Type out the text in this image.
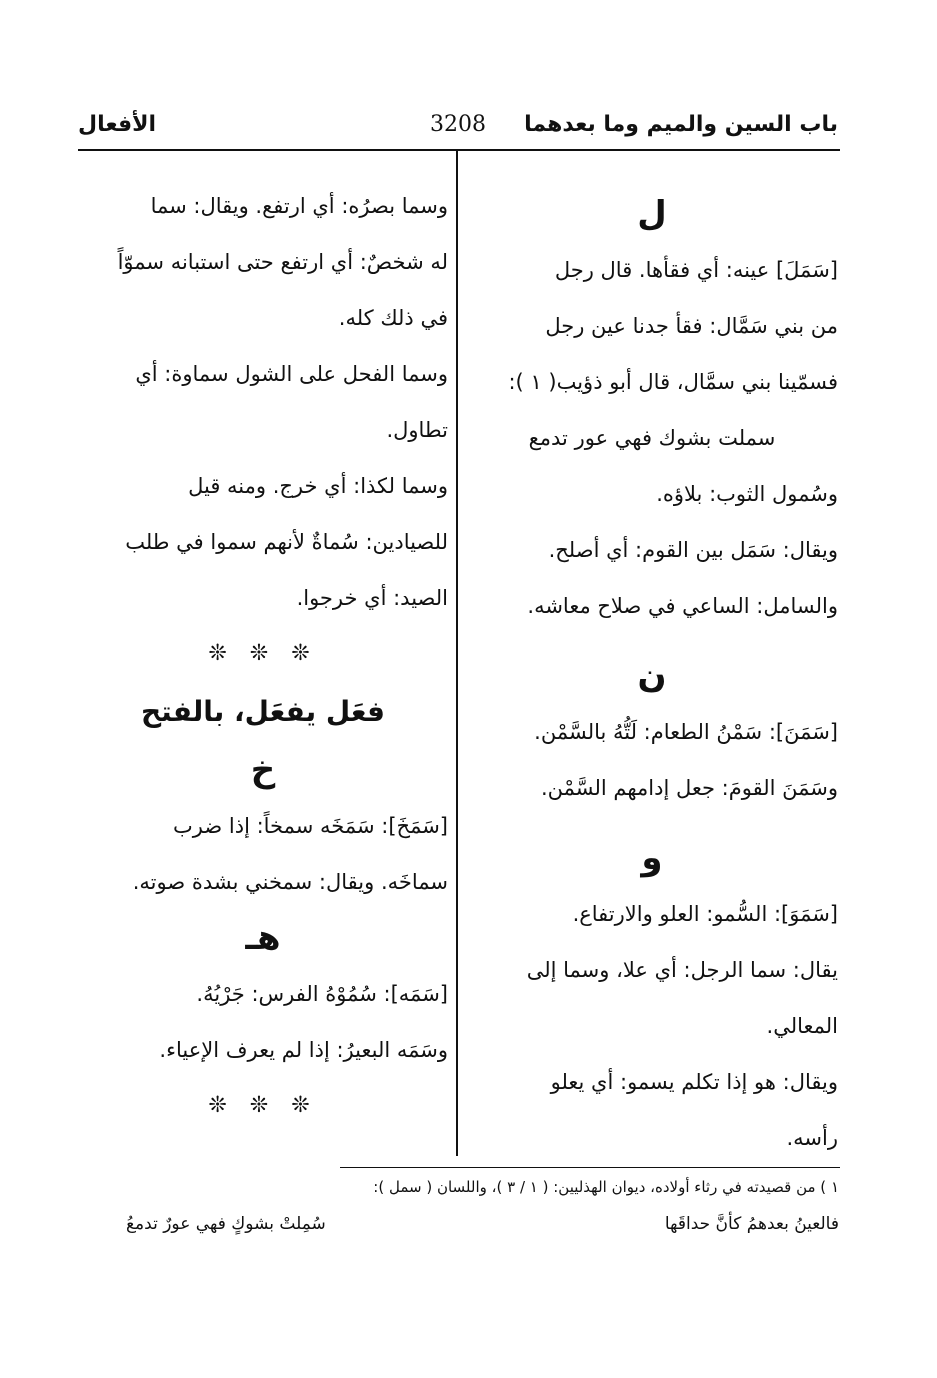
باب السين والميم وما بعدهما
3208
الأفعال
ل
[سَمَلَ] عينه: أي فقأها. قال رجل
من بني سَمَّال: فقأ جدنا عين رجل
فسمّينا بني سمَّال، قال أبو ذؤيب( ١ ):
سملت بشوك فهي عور تدمع
وسُمول الثوب: بلاؤه.
ويقال: سَمَل بين القوم: أي أصلح.
والسامل: الساعي في صلاح معاشه.
ن
[سَمَنَ]: سَمْنُ الطعام: لَتُّهُ بالسَّمْن.
وسَمَنَ القومَ: جعل إدامهم السَّمْن.
و
[سَمَوَ]: السُّمو: العلو والارتفاع.
يقال: سما الرجل: أي علا، وسما إلى
المعالي.
ويقال: هو إذا تكلم يسمو: أي يعلو
رأسه.
وسما بصرُه: أي ارتفع. ويقال: سما
له شخصٌ: أي ارتفع حتى استبانه سموّاً
في ذلك كله.
وسما الفحل على الشول سماوة: أي
تطاول.
وسما لكذا: أي خرج. ومنه قيل
للصيادين: سُماةٌ لأنهم سموا في طلب
الصيد: أي خرجوا.
❊ ❊ ❊
فعَل يفعَل، بالفتح
خ
[سَمَخَ]: سَمَخَه سمخاً: إذا ضرب
سماخَه. ويقال: سمخني بشدة صوته.
هـ
[سَمَه]: سُمُوْهُ الفرس: جَرْيُهُ.
وسَمَه البعيرُ: إذا لم يعرف الإعياء.
❊ ❊ ❊
١ ) من قصيدته في رثاء أولاده، ديوان الهذليين: ( ١ / ٣ )، واللسان ( سمل ):
فالعينُ بعدهمُ كأنَّ حداقَها
سُمِلتْ بشوكٍ فهي عورٌ تدمعُ
